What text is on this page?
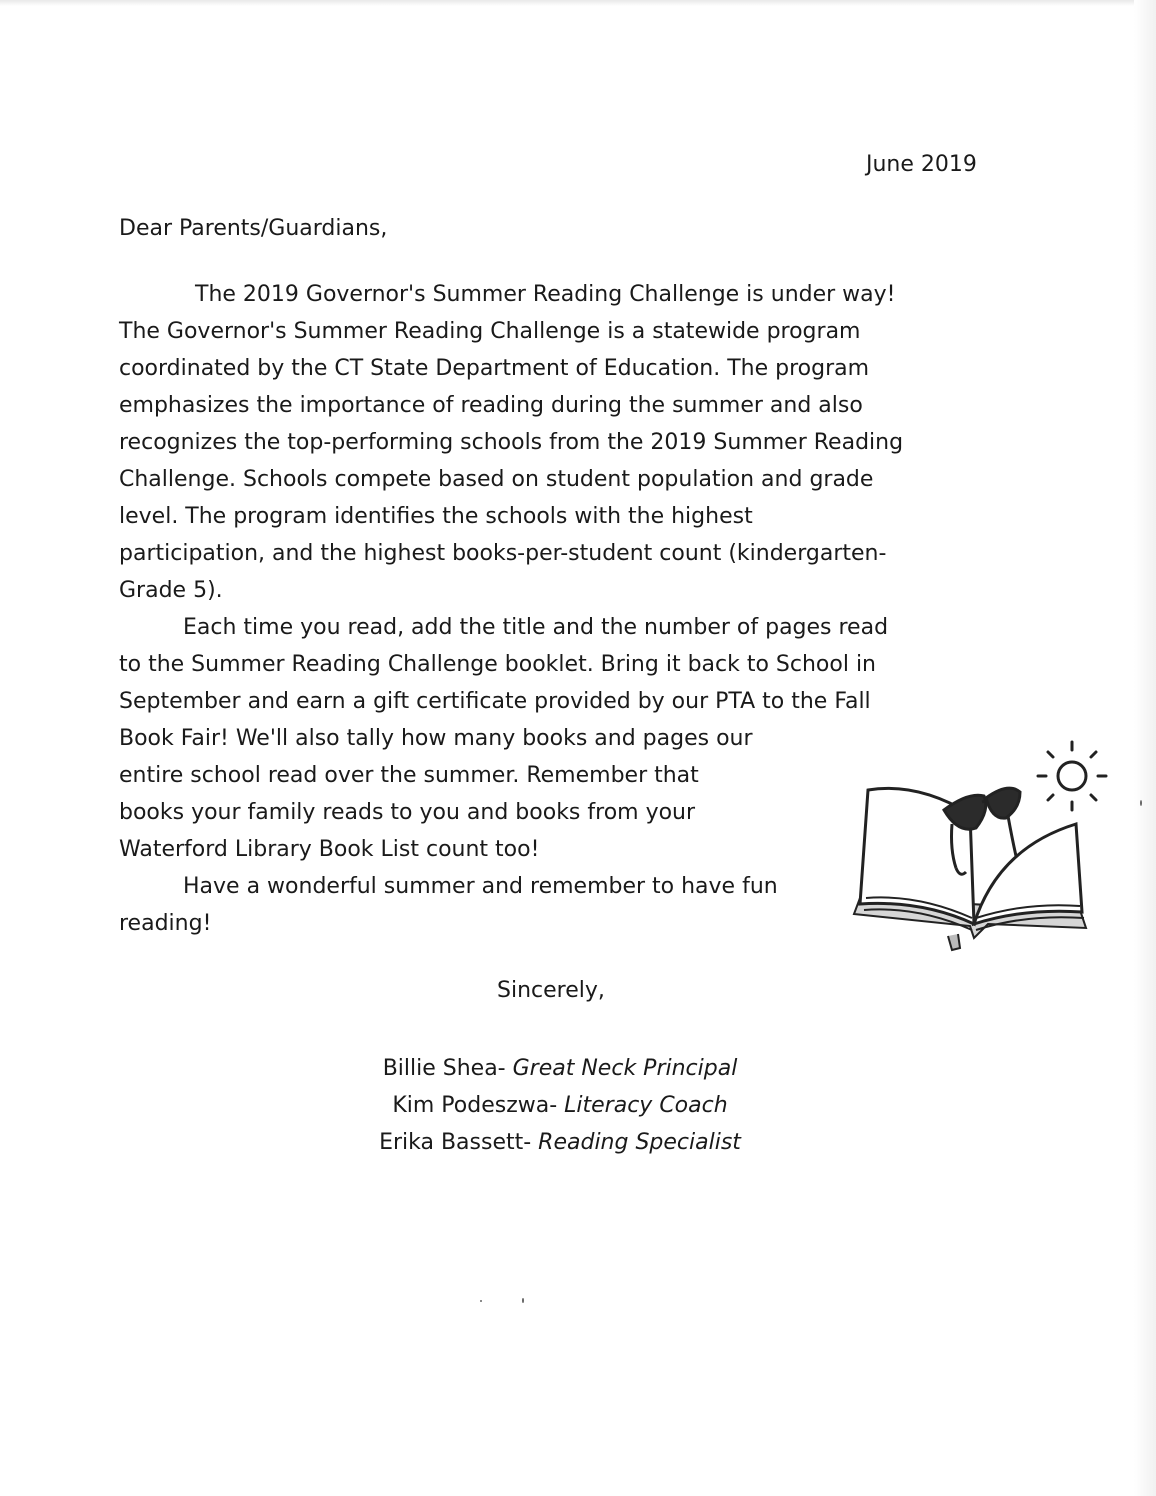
June 2019
Dear Parents/Guardians,
The 2019 Governor's Summer Reading Challenge is under way!
The Governor's Summer Reading Challenge is a statewide program
coordinated by the CT State Department of Education. The program
emphasizes the importance of reading during the summer and also
recognizes the top-performing schools from the 2019 Summer Reading
Challenge. Schools compete based on student population and grade
level. The program identifies the schools with the highest
participation, and the highest books-per-student count (kindergarten-
Grade 5).
Each time you read, add the title and the number of pages read
to the Summer Reading Challenge booklet. Bring it back to School in
September and earn a gift certificate provided by our PTA to the Fall
Book Fair! We'll also tally how many books and pages our
entire school read over the summer. Remember that
books your family reads to you and books from your
Waterford Library Book List count too!
Have a wonderful summer and remember to have fun
reading!
Sincerely,
Billie Shea- Great Neck Principal
Kim Podeszwa- Literacy Coach
Erika Bassett- Reading Specialist
